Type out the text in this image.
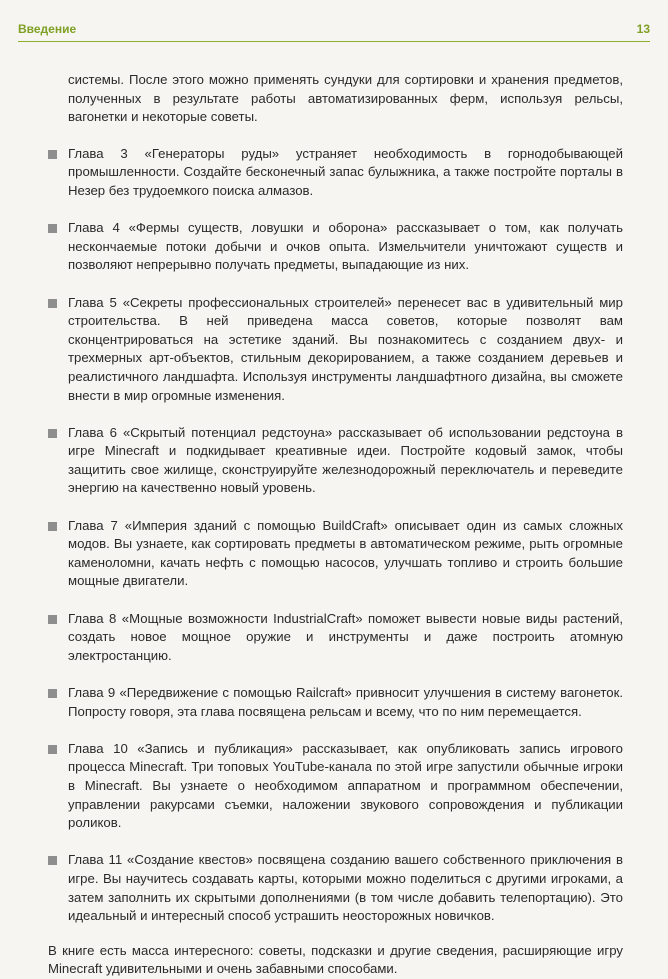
Введение	13

системы. После этого можно применять сундуки для сортировки и хранения предметов, полученных в результате работы автоматизированных ферм, используя рельсы, вагонетки и некоторые советы.

Глава 3 «Генераторы руды» устраняет необходимость в горнодобывающей промышленности. Создайте бесконечный запас булыжника, а также постройте порталы в Незер без трудоемкого поиска алмазов.

Глава 4 «Фермы существ, ловушки и оборона» рассказывает о том, как получать нескончаемые потоки добычи и очков опыта. Измельчители уничтожают существ и позволяют непрерывно получать предметы, выпадающие из них.

Глава 5 «Секреты профессиональных строителей» перенесет вас в удивительный мир строительства. В ней приведена масса советов, которые позволят вам сконцентрироваться на эстетике зданий. Вы познакомитесь с созданием двух- и трехмерных арт-объектов, стильным декорированием, а также созданием деревьев и реалистичного ландшафта. Используя инструменты ландшафтного дизайна, вы сможете внести в мир огромные изменения.

Глава 6 «Скрытый потенциал редстоуна» рассказывает об использовании редстоуна в игре Minecraft и подкидывает креативные идеи. Постройте кодовый замок, чтобы защитить свое жилище, сконструируйте железнодорожный переключатель и переведите энергию на качественно новый уровень.

Глава 7 «Империя зданий с помощью BuildCraft» описывает один из самых сложных модов. Вы узнаете, как сортировать предметы в автоматическом режиме, рыть огромные каменоломни, качать нефть с помощью насосов, улучшать топливо и строить большие мощные двигатели.

Глава 8 «Мощные возможности IndustrialCraft» поможет вывести новые виды растений, создать новое мощное оружие и инструменты и даже построить атомную электростанцию.

Глава 9 «Передвижение с помощью Railcraft» привносит улучшения в систему вагонеток. Попросту говоря, эта глава посвящена рельсам и всему, что по ним перемещается.

Глава 10 «Запись и публикация» рассказывает, как опубликовать запись игрового процесса Minecraft. Три топовых YouTube-канала по этой игре запустили обычные игроки в Minecraft. Вы узнаете о необходимом аппаратном и программном обеспечении, управлении ракурсами съемки, наложении звукового сопровождения и публикации роликов.

Глава 11 «Создание квестов» посвящена созданию вашего собственного приключения в игре. Вы научитесь создавать карты, которыми можно поделиться с другими игроками, а затем заполнить их скрытыми дополнениями (в том числе добавить телепортацию). Это идеальный и интересный способ устрашить неосторожных новичков.

В книге есть масса интересного: советы, подсказки и другие сведения, расширяющие игру Minecraft удивительными и очень забавными способами.
